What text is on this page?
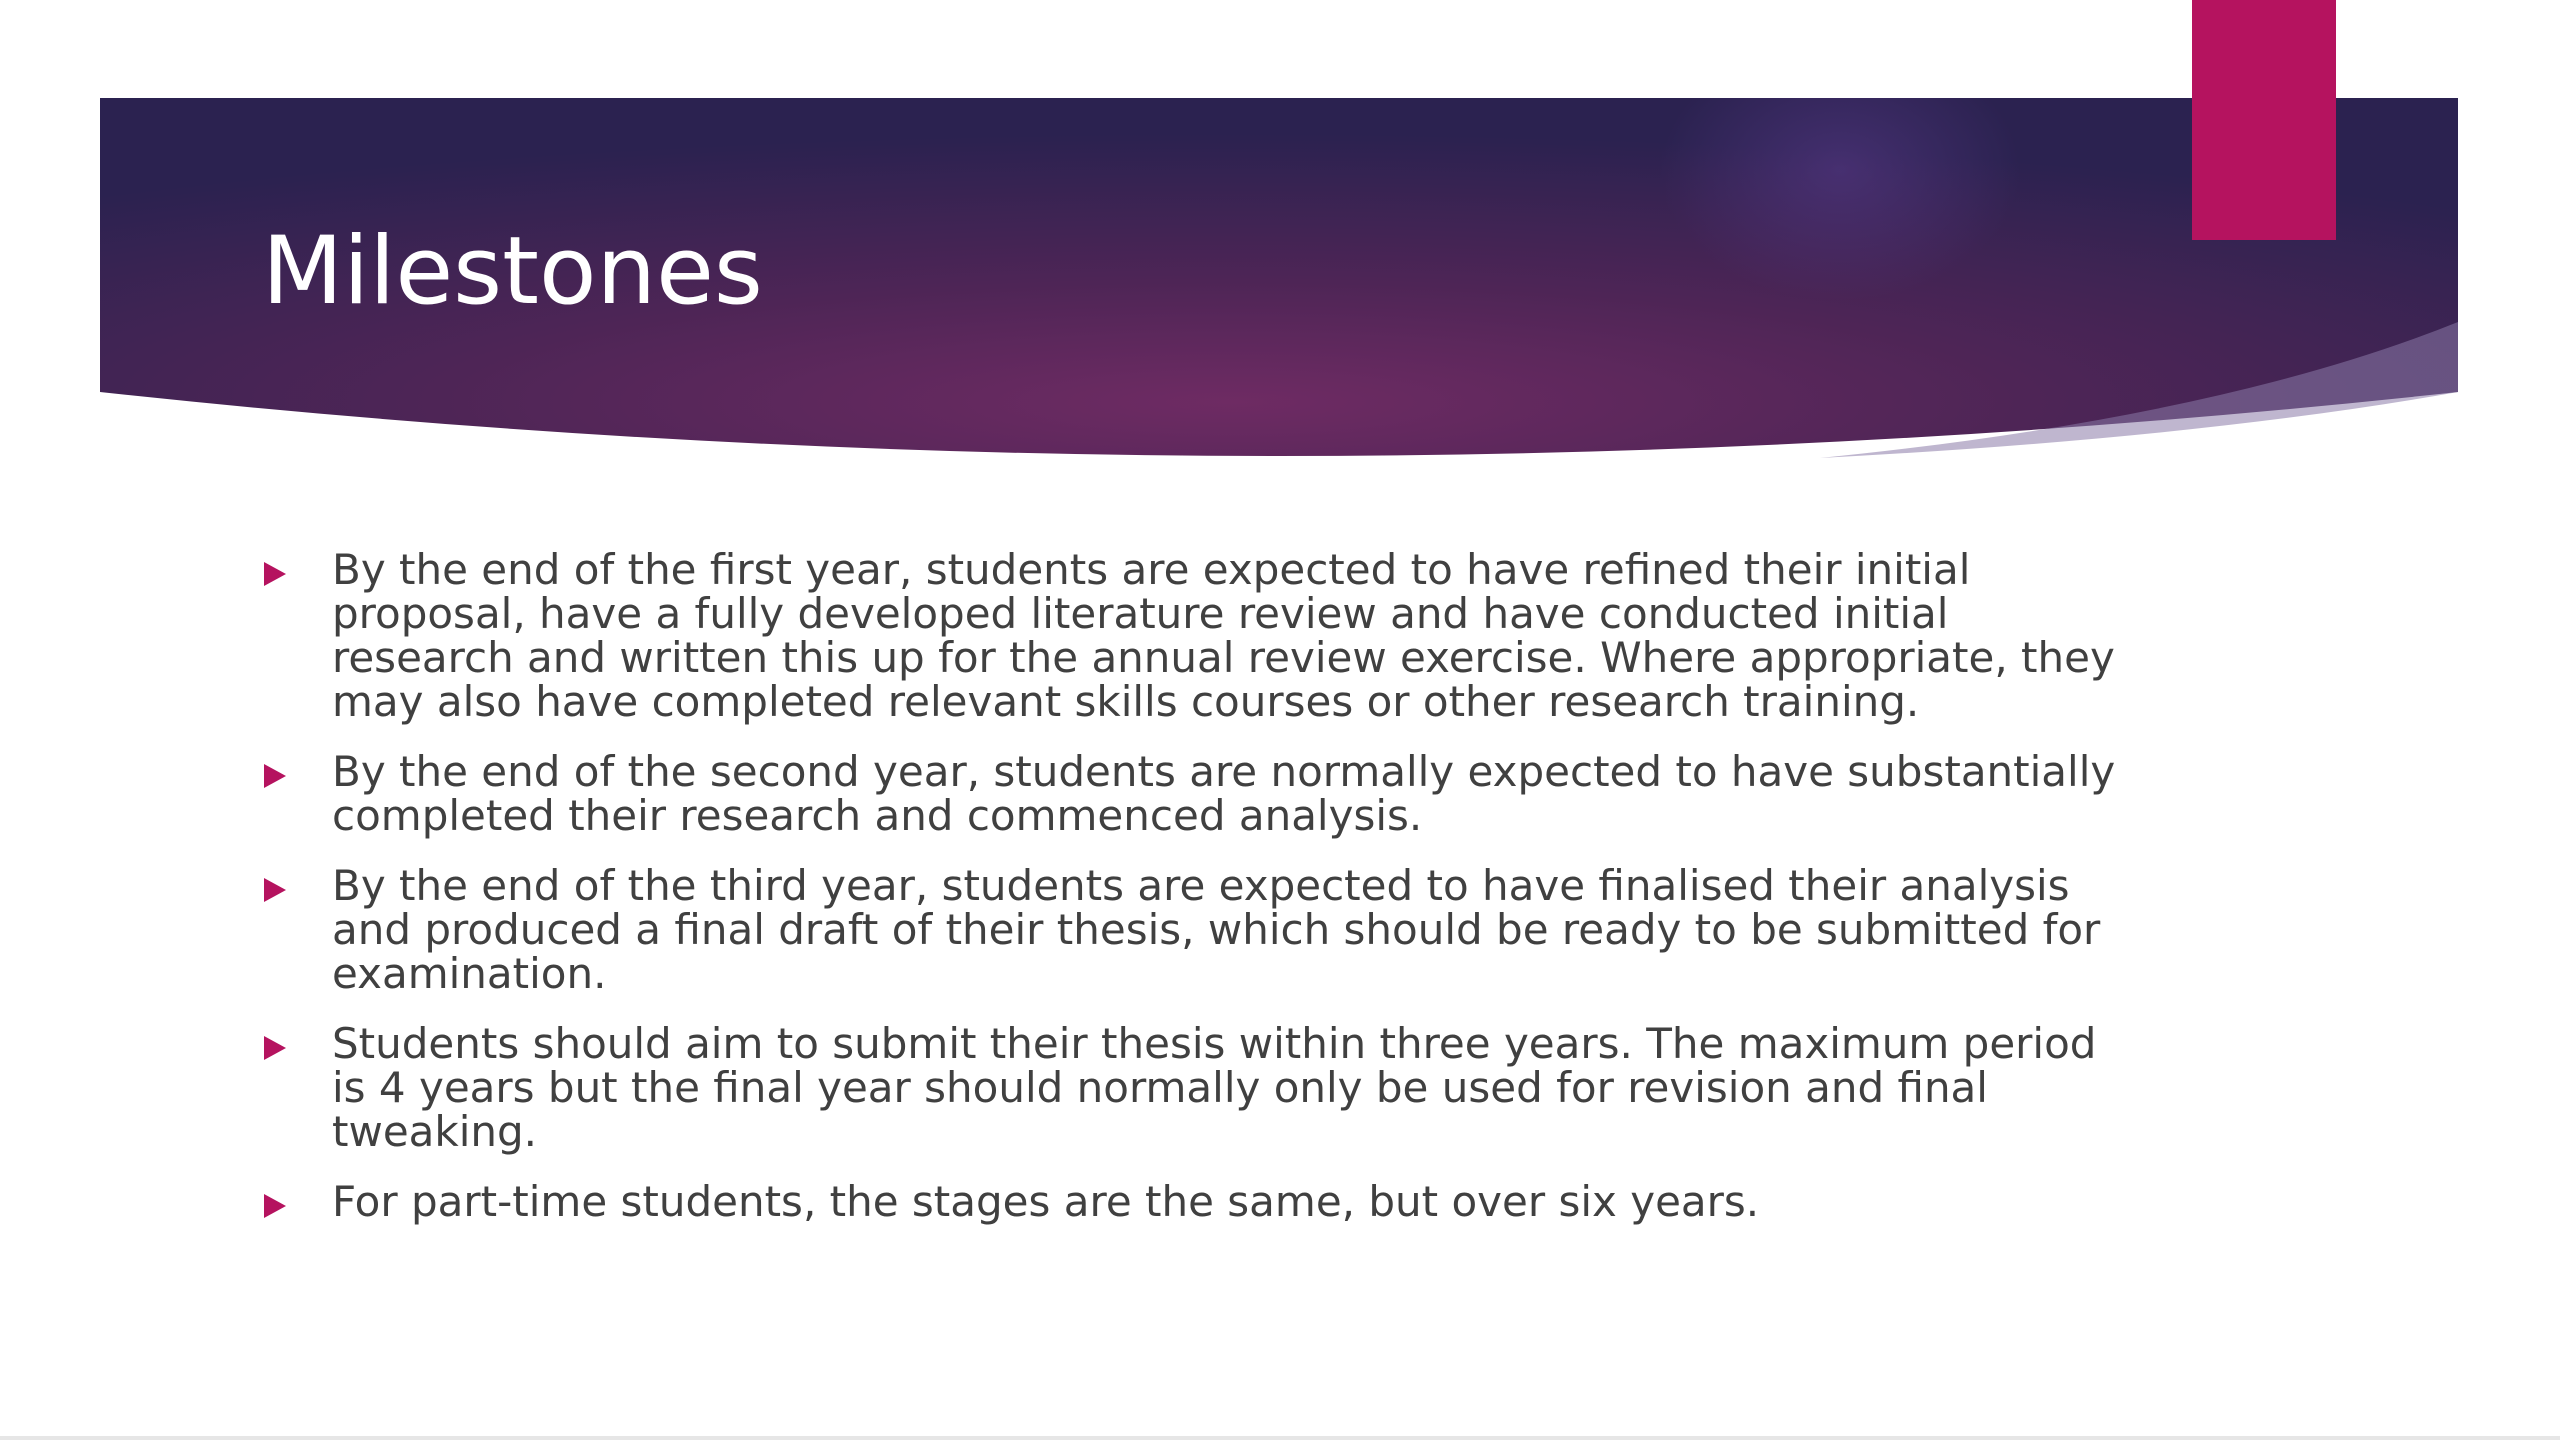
Milestones
By the end of the first year, students are expected to have refined their initial proposal, have a fully developed literature review and have conducted initial research and written this up for the annual review exercise. Where appropriate, they may also have completed relevant skills courses or other research training.
By the end of the second year, students are normally expected to have substantially completed their research and commenced analysis.
By the end of the third year, students are expected to have finalised their analysis and produced a final draft of their thesis, which should be ready to be submitted for examination.
Students should aim to submit their thesis within three years. The maximum period is 4 years but the final year should normally only be used for revision and final tweaking.
For part-time students, the stages are the same, but over six years.
